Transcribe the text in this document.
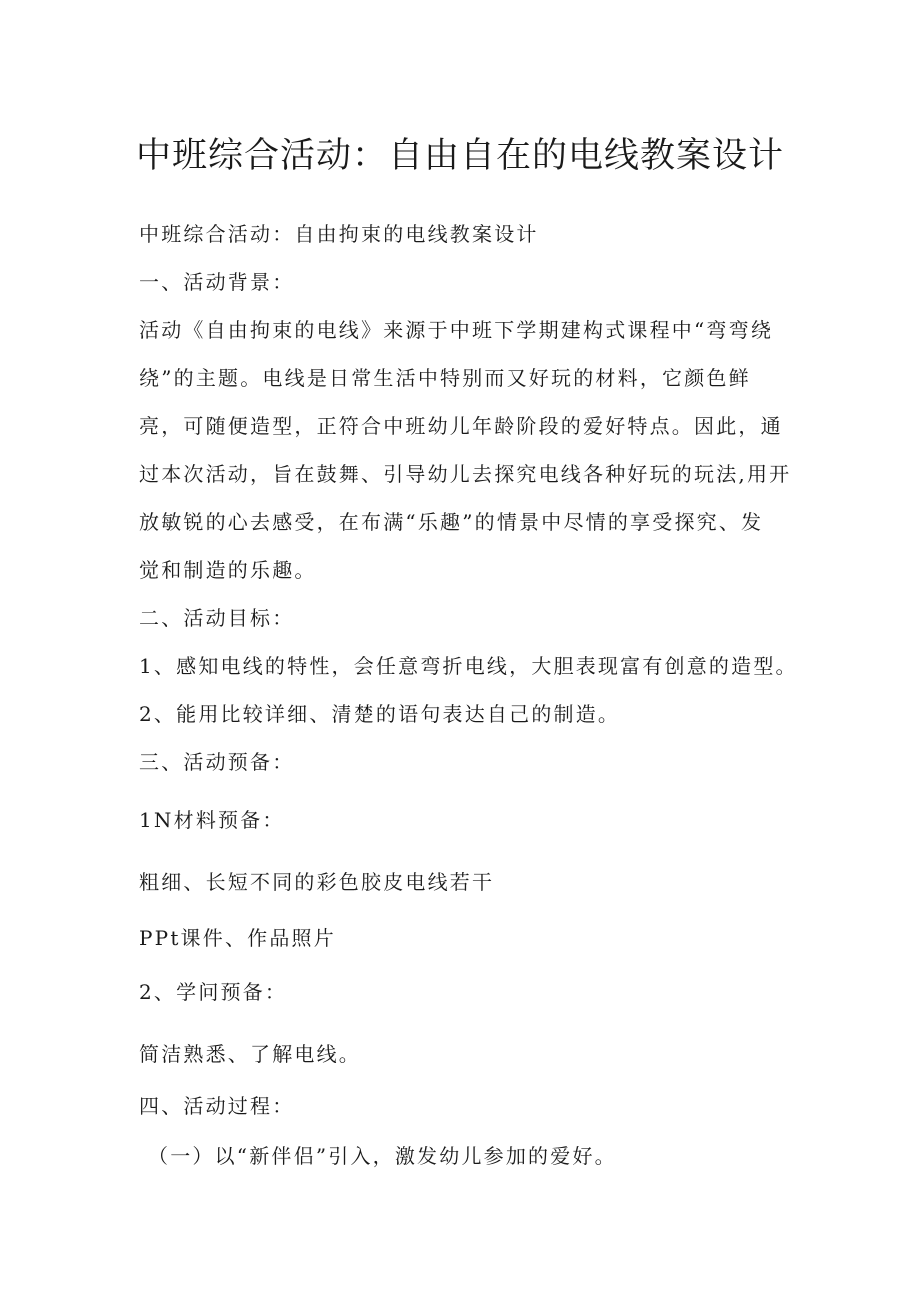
中班综合活动：自由自在的电线教案设计
中班综合活动：自由拘束的电线教案设计
一、活动背景：
活动《自由拘束的电线》来源于中班下学期建构式课程中“弯弯绕
绕”的主题。电线是日常生活中特别而又好玩的材料，它颜色鲜
亮，可随便造型，正符合中班幼儿年龄阶段的爱好特点。因此，通
过本次活动，旨在鼓舞、引导幼儿去探究电线各种好玩的玩法,用开
放敏锐的心去感受，在布满“乐趣”的情景中尽情的享受探究、发
觉和制造的乐趣。
二、活动目标：
1、感知电线的特性，会任意弯折电线，大胆表现富有创意的造型。
2、能用比较详细、清楚的语句表达自己的制造。
三、活动预备：
1N材料预备：
粗细、长短不同的彩色胶皮电线若干
PPt课件、作品照片
2、学问预备：
简洁熟悉、了解电线。
四、活动过程：
（一）以“新伴侣”引入，激发幼儿参加的爱好。
